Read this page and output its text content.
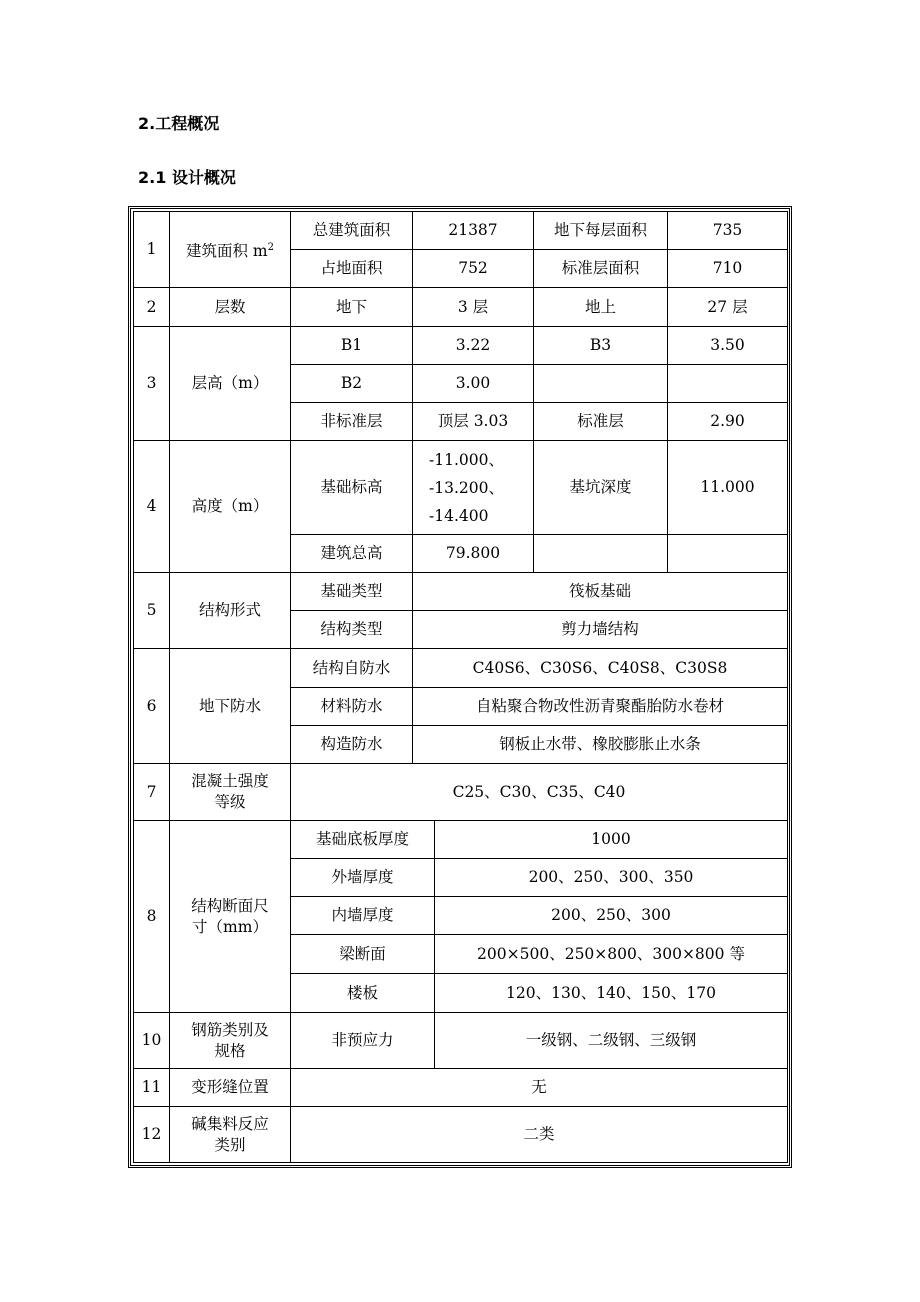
2.工程概况
2.1 设计概况
1	建筑面积 $m^2$	总建筑面积	21387		地下每层面积	735
		占地面积	752		标准层面积	710
2	层数	地下	3 层		地上	27 层
3	层高（m）	B1	3.22		B3	3.50
		B2	3.00			
		非标准层	顶层 3.03		标准层	2.90
4	高度（m）	基础标高	-11.000、
-13.200、
-14.400		基坑深度	11.000
		建筑总高	79.800			
5	结构形式	基础类型	筏板基础			
		结构类型	剪力墙结构			
6	地下防水	结构自防水	C40S6、C30S6、C40S8、C30S8			
		材料防水	自粘聚合物改性沥青聚酯胎防水卷材			
		构造防水	钢板止水带、橡胶膨胀止水条			
7	混凝土强度
等级	C25、C30、C35、C40				
8	结构断面尺
寸（mm）	基础底板厚度		1000		
		外墙厚度		200、250、300、350		
		内墙厚度		200、250、300		
		梁断面		200×500、250×800、300×800 等		
		楼板		120、130、140、150、170		
10	钢筋类别及
规格	非预应力		一级钢、二级钢、三级钢		
11	变形缝位置	无				
12	碱集料反应
类别	二类				
